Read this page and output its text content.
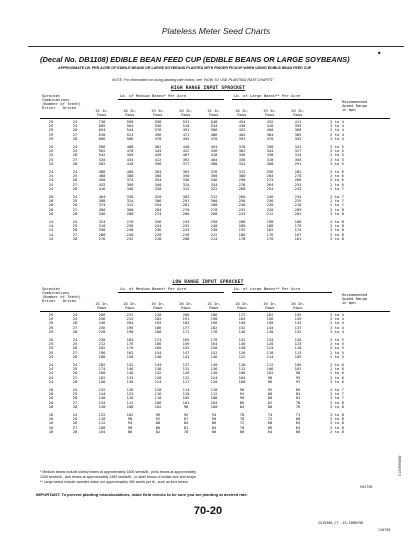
Plateless Meter Seed Charts
●
(Decal No. DB1108) EDIBLE BEAN FEED CUP (EDIBLE BEANS OR LARGE SOYBEANS)
APPROXIMATE LB. PER ACRE OF EDIBLE BEANS OR LARGE SOYBEANS PLANTED WITH FINGER PICKUP WHEN USING EDIBLE BEAN FEED CUP
NOTE: For information on using planting rate charts, see "HOW TO USE PLANTING RATE CHARTS"
HIGH RANGE INPUT SPROCKET
Sprocket
Combinations
(Number of Teeth)
Driver   Driven
Lb. of Medium Beans* Per Acre	Lb. of Large Beans** Per Acre
Recommended
Speed Range
in mph
15 In.
Rows
18 In.
Rows
19 In.
Rows
20 In.
Rows
15 In.
Rows
18 In.
Rows
19 In.
Rows
20 In.
Rows
29	24	738	590	558	531	548	454	432	411	2 to 4
29	25	689	564	536	510	534	438	416	395	2 to 4
29	26	654	544	576	491	506	422	400	368	2 to 4
29	27	630	524	496	471	486	404	384	365	2 to 4
29	28	606	506	478	455	470	392	370	352	2 to 4

25	24	586	488	462	440	454	378	358	341	2 to 5
25	25	562	470	444	422	436	362	344	327	2 to 5
25	26	542	450	428	407	418	350	330	314	2 to 5
25	27	520	434	412	392	404	336	318	303	2 to 5
25	28	502	418	396	377	388	324	308	291	2 to 5

24	24	488	406	384	365	376	312	296	282	2 to 6
24	25	468	388	368	350	360	300	284	270	2 to 6
24	26	450	374	354	336	346	290	274	260	2 to 6
24	27	432	360	340	324	334	278	264	251	2 to 6
24	28	416	346	328	312	322	268	254	242	2 to 7

20	24	404	338	320	303	312	260	246	234	2 to 7
20	25	388	324	306	291	300	250	236	225	2 to 7
20	26	374	312	294	281	288	240	228	216	2 to 7
20	27	360	300	284	270	278	232	220	209	2 to 8
20	28	346	288	274	260	268	224	212	201	2 to 8

14	24	324	270	256	243	250	208	198	188	2 to 8
14	25	310	258	244	232	240	200	188	179	2 to 8
14	26	298	248	236	224	230	192	182	174	2 to 8
14	27	288	240	228	216	222	186	176	167	2 to 8
14	28	276	232	218	208	214	178	170	161	2 to 8
LOW RANGE INPUT SPROCKET
Sprocket
Combinations
(Number of Teeth)
Driver   Driven
Lb. of Medium Beans* Per Acre	Lb. of Large Beans** Per Acre
Recommended
Speed Range
in mph
15 In.
Rows
18 In.
Rows
19 In.
Rows
20 In.
Rows
15 In.
Rows
18 In.
Rows
19 In.
Rows
20 In.
Rows
29	24	266	222	210	200	206	172	162	155	2 to 4
29	25	256	212	202	191	198	164	156	149	2 to 4
29	26	246	204	194	183	190	158	150	143	2 to 4
29	27	236	196	186	177	182	152	144	137	2 to 4
29	28	228	190	180	171	176	146	138	132	2 to 4

26	24	230	184	174	165	170	142	134	128	2 to 5
25	25	212	176	166	159	164	136	128	123	2 to 5
25	26	202	170	160	152	158	130	124	118	2 to 5
25	27	196	162	154	147	152	126	118	113	2 to 5
25	28	188	158	148	141	146	122	114	109	2 to 5

24	24	182	152	144	137	140	118	112	105	2 to 6
24	25	174	146	138	131	136	112	106	101	2 to 6
24	26	168	140	132	126	130	108	102	98	2 to 6
24	27	162	134	128	122	124	104	98	95	2 to 6
24	28	156	130	124	117	120	100	96	91	2 to 6

20	24	152	126	120	114	118	98	92	89	2 to 7
20	25	144	122	116	110	112	94	88	84	2 to 7
20	26	140	116	110	105	108	90	86	81	2 to 7
20	27	134	112	106	101	104	86	82	78	2 to 8
20	28	130	108	102	98	100	84	80	76	2 to 8

16	24	122	102	96	92	94	78	74	71	2 to 8
16	25	118	98	92	87	90	76	72	68	2 to 8
16	26	112	94	88	84	86	72	68	65	2 to 8
16	27	108	90	86	81	84	70	66	63	2 to 8
16	28	104	88	82	78	80	66	64	60	2 to 8
* Medium beans include kidney beans at approximately 1600 seeds/lb., pinto beans at approximately
1326 seeds/lb., pink beans at approximately 1450 seeds/lb., or other beans of similar size and shape.
** Large beans include varieties which run approximately 450 seeds per lb., such as lima beans.
H41798
IMPORTANT: To prevent planting miscalculations, make field checks to be sure you are planting at desired rate.
70-20
SG19306,CT -19-18MAY98
110798
C133999000
